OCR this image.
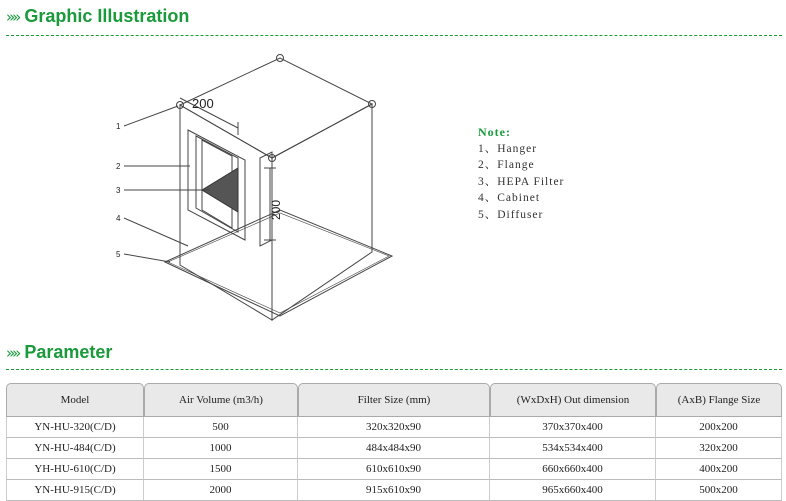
»» Graphic Illustration
200
200
1
2
3
4
5
Note:
1、Hanger
2、Flange
3、HEPA Filter
4、Cabinet
5、Diffuser
»» Parameter
Model	Air Volume (m3/h)	Filter Size (mm)	(WxDxH) Out dimension	(AxB) Flange Size
YN-HU-320(C/D)	500	320x320x90	370x370x400	200x200
YN-HU-484(C/D)	1000	484x484x90	534x534x400	320x200
YH-HU-610(C/D)	1500	610x610x90	660x660x400	400x200
YN-HU-915(C/D)	2000	915x610x90	965x660x400	500x200
